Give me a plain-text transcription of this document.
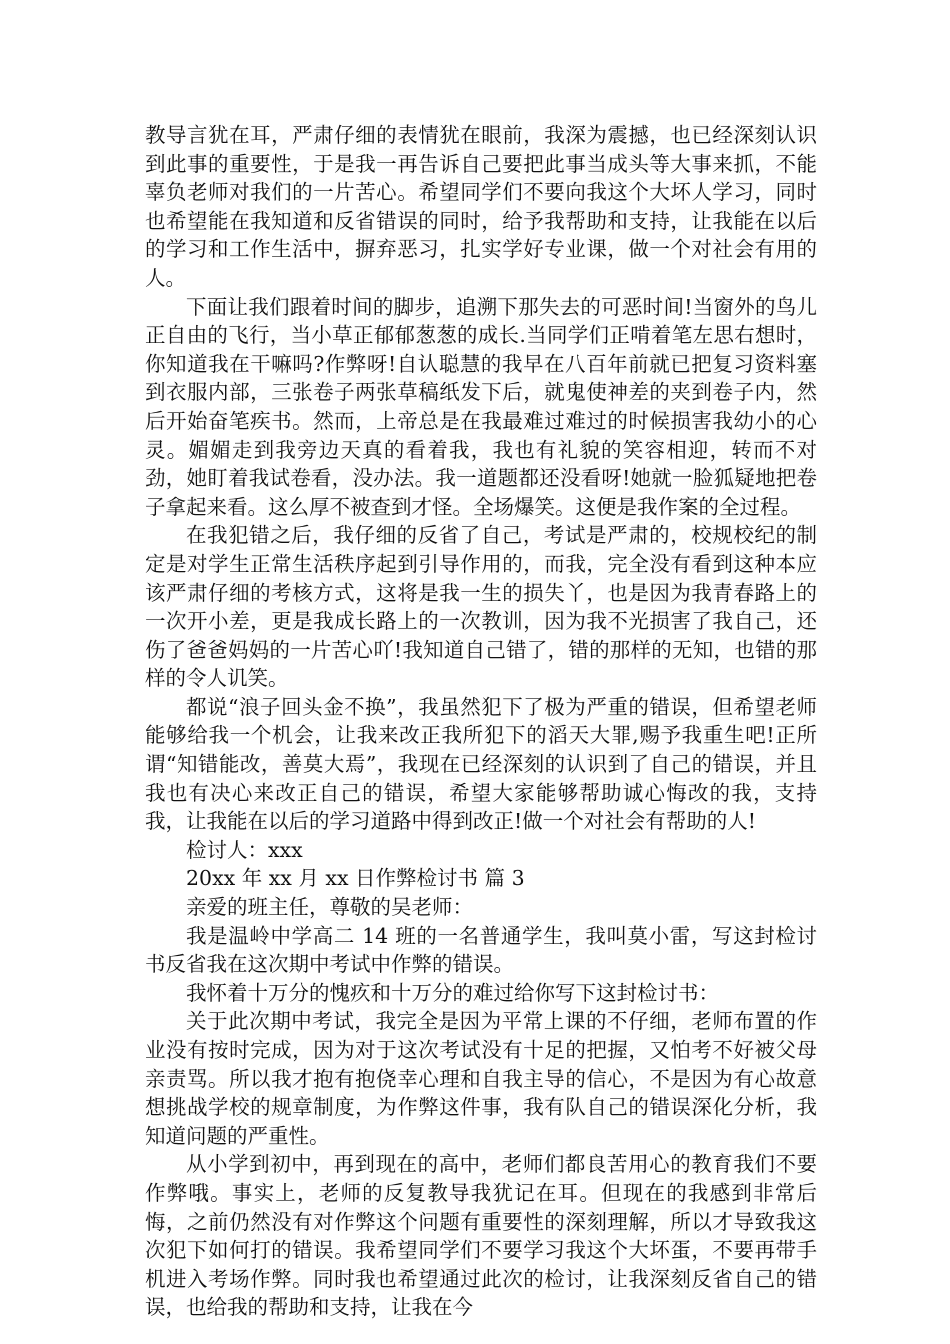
教导言犹在耳，严肃仔细的表情犹在眼前，我深为震撼，也已经深刻认识到此事的重要性，于是我一再告诉自己要把此事当成头等大事来抓，不能辜负老师对我们的一片苦心。希望同学们不要向我这个大坏人学习，同时也希望能在我知道和反省错误的同时，给予我帮助和支持，让我能在以后的学习和工作生活中，摒弃恶习，扎实学好专业课，做一个对社会有用的人。

下面让我们跟着时间的脚步，追溯下那失去的可恶时间!当窗外的鸟儿正自由的飞行，当小草正郁郁葱葱的成长.当同学们正啃着笔左思右想时，你知道我在干嘛吗?作弊呀!自认聪慧的我早在八百年前就已把复习资料塞到衣服内部，三张卷子两张草稿纸发下后，就鬼使神差的夹到卷子内，然后开始奋笔疾书。然而，上帝总是在我最难过难过的时候损害我幼小的心灵。媚媚走到我旁边天真的看着我，我也有礼貌的笑容相迎，转而不对劲，她盯着我试卷看，没办法。我一道题都还没看呀!她就一脸狐疑地把卷子拿起来看。这么厚不被查到才怪。全场爆笑。这便是我作案的全过程。

在我犯错之后，我仔细的反省了自己，考试是严肃的，校规校纪的制定是对学生正常生活秩序起到引导作用的，而我，完全没有看到这种本应该严肃仔细的考核方式，这将是我一生的损失丫，也是因为我青春路上的一次开小差，更是我成长路上的一次教训，因为我不光损害了我自己，还伤了爸爸妈妈的一片苦心吖!我知道自己错了，错的那样的无知，也错的那样的令人讥笑。

都说“浪子回头金不换”，我虽然犯下了极为严重的错误，但希望老师能够给我一个机会，让我来改正我所犯下的滔天大罪,赐予我重生吧!正所谓“知错能改，善莫大焉”，我现在已经深刻的认识到了自己的错误，并且我也有决心来改正自己的错误，希望大家能够帮助诚心悔改的我，支持我，让我能在以后的学习道路中得到改正!做一个对社会有帮助的人!

检讨人：xxx

20xx 年 xx 月 xx 日作弊检讨书 篇 3

亲爱的班主任，尊敬的吴老师：

我是温岭中学高二 14 班的一名普通学生，我叫莫小雷，写这封检讨书反省我在这次期中考试中作弊的错误。

我怀着十万分的愧疚和十万分的难过给你写下这封检讨书：

关于此次期中考试，我完全是因为平常上课的不仔细，老师布置的作业没有按时完成，因为对于这次考试没有十足的把握，又怕考不好被父母亲责骂。所以我才抱有抱侥幸心理和自我主导的信心，不是因为有心故意想挑战学校的规章制度，为作弊这件事，我有队自己的错误深化分析，我知道问题的严重性。

从小学到初中，再到现在的高中，老师们都良苦用心的教育我们不要作弊哦。事实上，老师的反复教导我犹记在耳。但现在的我感到非常后悔，之前仍然没有对作弊这个问题有重要性的深刻理解，所以才导致我这次犯下如何打的错误。我希望同学们不要学习我这个大坏蛋，不要再带手机进入考场作弊。同时我也希望通过此次的检讨，让我深刻反省自己的错误，也给我的帮助和支持，让我在今
